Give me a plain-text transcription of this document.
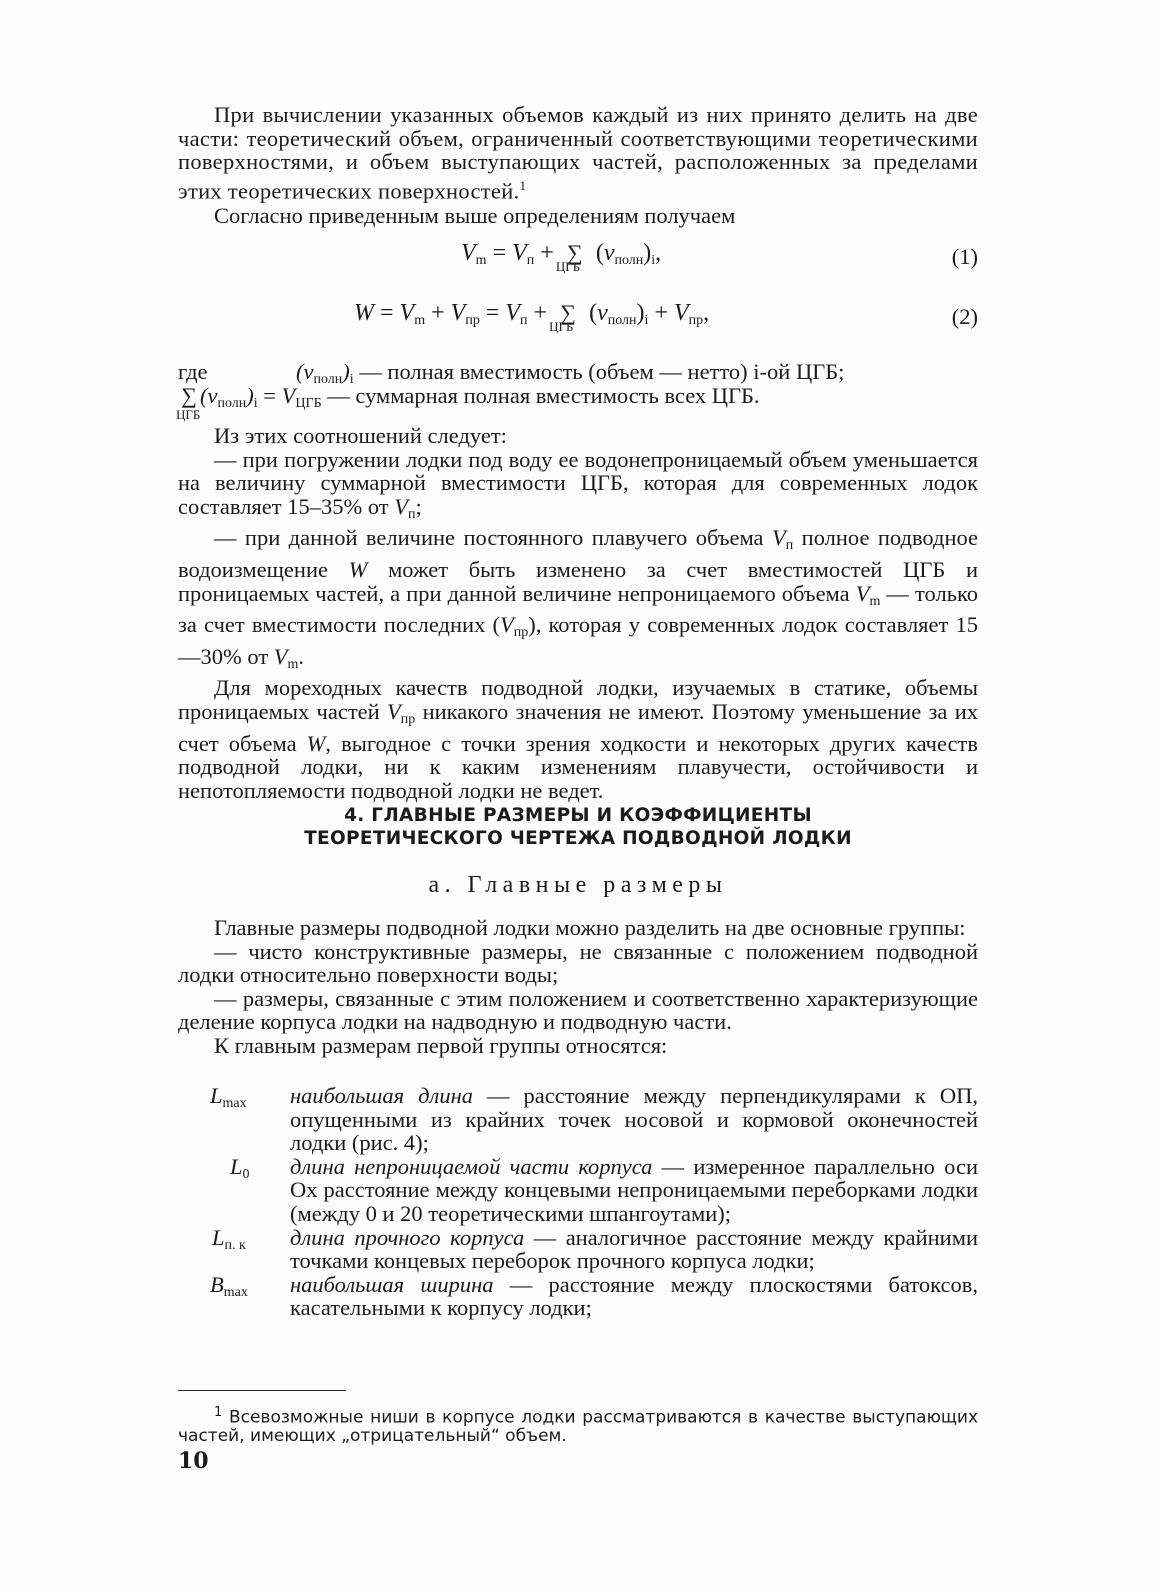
При вычислении указанных объемов каждый из них принято делить на две части: теоретический объем, ограниченный соответствующими теоретическими поверхностями, и объем выступающих частей, расположенных за пределами этих теоретических поверхностей.$^1$

Согласно приведенным выше определениям получаем

Vm = Vп + ∑
ЦГБ
(vполн)i,	(1)
W = Vm + Vпр = Vп + ∑
ЦГБ
(vполн)i + Vпр,	(2)
где	(vполн)i — полная вместимость (объем — нетто) i-ой ЦГБ;
∑
ЦГБ
(vполн)i = VЦГБ — суммарная полная вместимость всех ЦГБ.

Из этих соотношений следует:

— при погружении лодки под воду ее водонепроницаемый объем уменьшается на величину суммарной вместимости ЦГБ, которая для современных лодок составляет 15–35% от Vп;

— при данной величине постоянного плавучего объема Vп полное подводное водоизмещение W может быть изменено за счет вместимостей ЦГБ и проницаемых частей, а при данной величине непроницаемого объема Vm — только за счет вместимости последних (Vпр), которая у современных лодок составляет 15—30% от Vm.

Для мореходных качеств подводной лодки, изучаемых в статике, объемы проницаемых частей Vпр никакого значения не имеют. Поэтому уменьшение за их счет объема W, выгодное с точки зрения ходкости и некоторых других качеств подводной лодки, ни к каким изменениям плавучести, остойчивости и непотопляемости подводной лодки не ведет.

4. ГЛАВНЫЕ РАЗМЕРЫ И КОЭФФИЦИЕНТЫ
ТЕОРЕТИЧЕСКОГО ЧЕРТЕЖА ПОДВОДНОЙ ЛОДКИ
а. Главные размеры

Главные размеры подводной лодки можно разделить на две основные группы:

— чисто конструктивные размеры, не связанные с положением подводной лодки относительно поверхности воды;

— размеры, связанные с этим положением и соответственно характеризующие деление корпуса лодки на надводную и подводную части.

К главным размерам первой группы относятся:

Lmax	наибольшая длина — расстояние между перпендикулярами к ОП, опущенными из крайних точек носовой и кормовой оконечностей лодки (рис. 4);
L0	длина непроницаемой части корпуса — измеренное параллельно оси Ox расстояние между концевыми непроницаемыми переборками лодки (между 0 и 20 теоретическими шпангоутами);
Lп. к	длина прочного корпуса — аналогичное расстояние между крайними точками концевых переборок прочного корпуса лодки;
Bmax	наибольшая ширина — расстояние между плоскостями батоксов, касательными к корпусу лодки;
$^1$ Всевозможные ниши в корпусе лодки рассматриваются в качестве выступающих частей, имеющих „отрицательный“ объем.
10
